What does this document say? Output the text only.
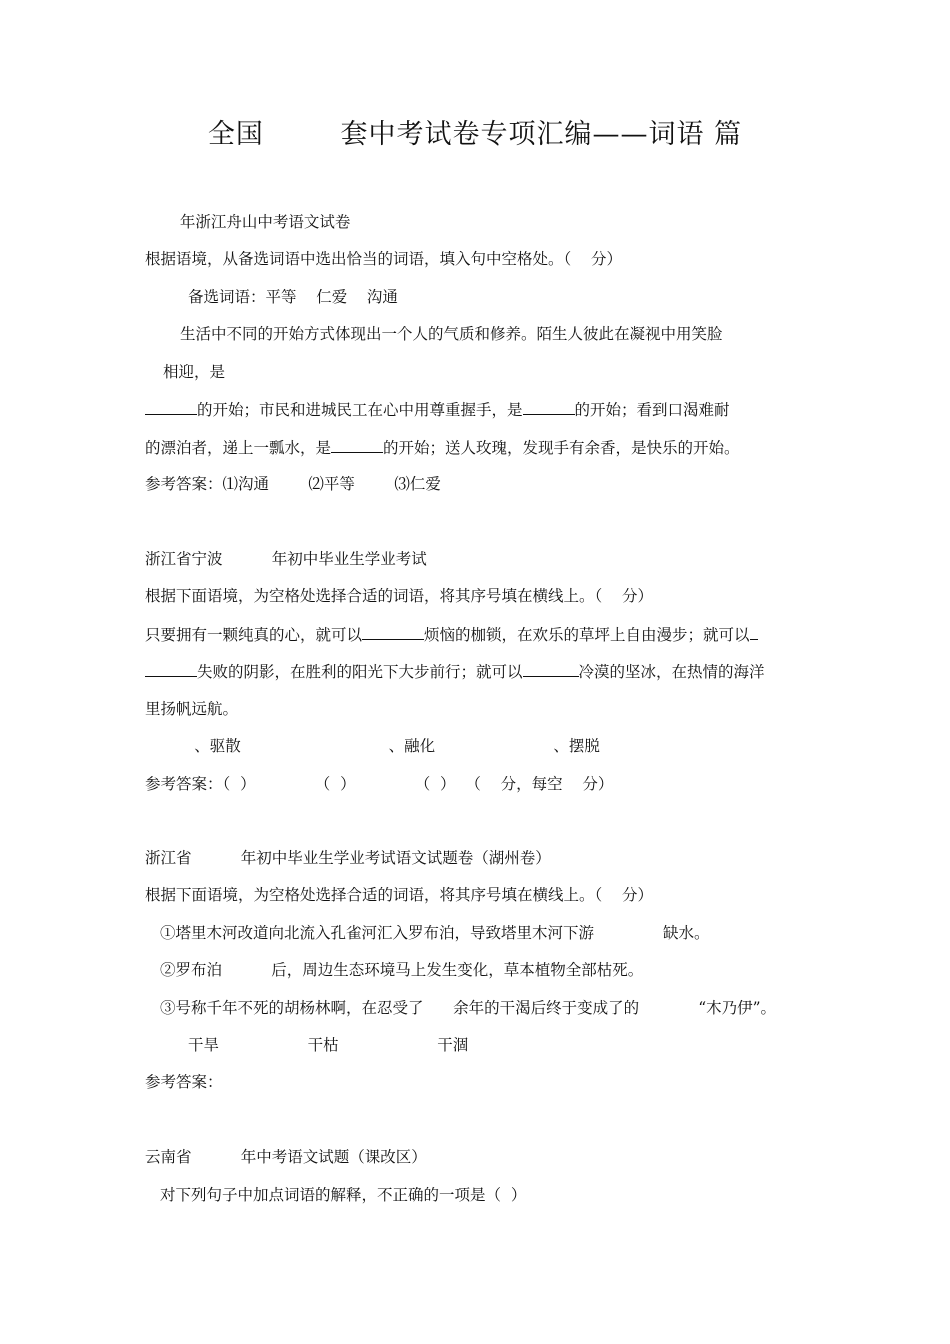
全国        套中考试卷专项汇编——词语 篇
年浙江舟山中考语文试卷
根据语境，从备选词语中选出恰当的词语，填入句中空格处。（    分）
备选词语：平等    仁爱    沟通
生活中不同的开始方式体现出一个人的气质和修养。陌生人彼此在凝视中用笑脸
相迎，是
的开始；市民和进城民工在心中用尊重握手，是	的开始；看到口渴难耐
的漂泊者，递上一瓢水，是	的开始；送人玫瑰，发现手有余香，是快乐的开始。
参考答案：⑴沟通        ⑵平等        ⑶仁爱
浙江省宁波          年初中毕业生学业考试
根据下面语境，为空格处选择合适的词语，将其序号填在横线上。（    分）
只要拥有一颗纯真的心，就可以	烦恼的枷锁，在欢乐的草坪上自由漫步；就可以
失败的阴影，在胜利的阳光下大步前行；就可以	冷漠的坚冰，在热情的海洋
里扬帆远航。
、驱散                              、融化                        、摆脱
参考答案：（  ）            （  ）            （  ）  （    分，每空    分）
浙江省          年初中毕业生学业考试语文试题卷（湖州卷）
根据下面语境，为空格处选择合适的词语，将其序号填在横线上。（    分）
①塔里木河改道向北流入孔雀河汇入罗布泊，导致塔里木河下游              缺水。
②罗布泊          后，周边生态环境马上发生变化，草本植物全部枯死。
③号称千年不死的胡杨林啊，在忍受了      余年的干渴后终于变成了的            “木乃伊”。
干旱                  干枯                    干涸
参考答案：
云南省          年中考语文试题（课改区）
对下列句子中加点词语的解释，不正确的一项是（  ）
